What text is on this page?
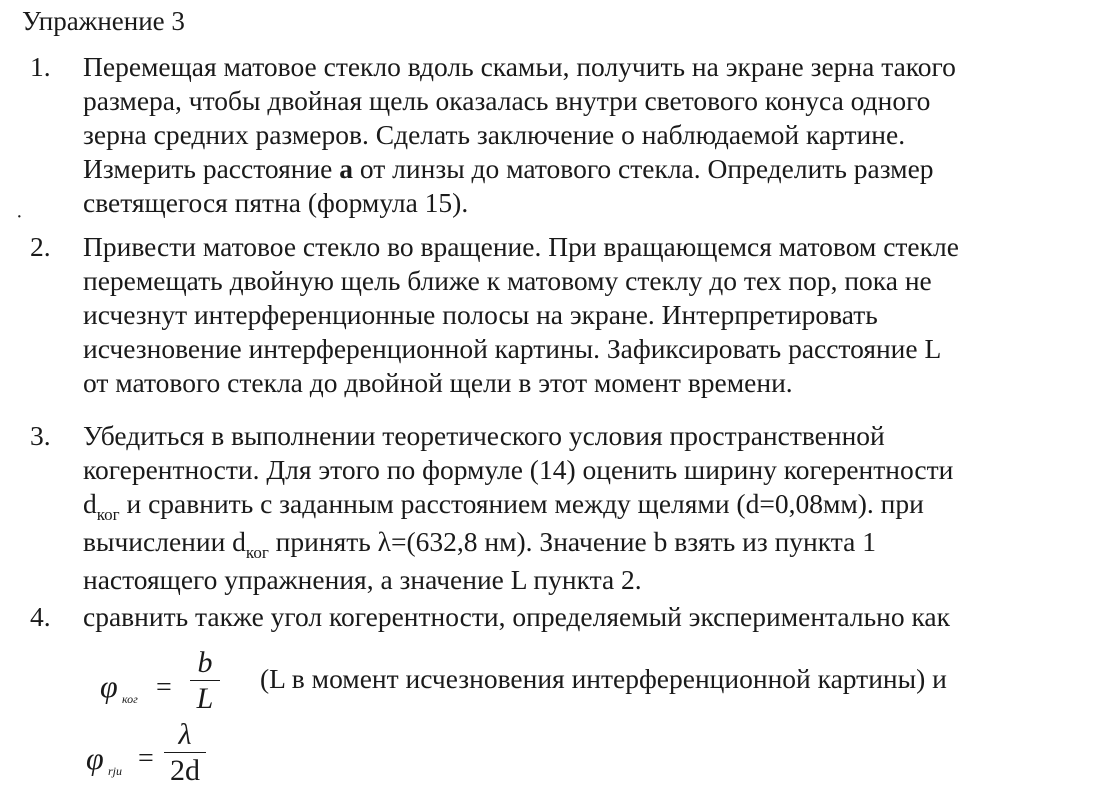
Упражнение 3
1.	Перемещая матовое стекло вдоль скамьи, получить на экране зерна такого
размера, чтобы двойная щель оказалась внутри светового конуса одного
зерна средних размеров. Сделать заключение о наблюдаемой картине.
Измерить расстояние а от линзы до матового стекла. Определить размер
светящегося пятна (формула 15).
·
2.	Привести матовое стекло во вращение. При вращающемся матовом стекле
перемещать двойную щель ближе к матовому стеклу до тех пор, пока не
исчезнут интерференционные полосы на экране. Интерпретировать
исчезновение интерференционной картины. Зафиксировать расстояние L
от матового стекла до двойной щели в этот момент времени.
3.	Убедиться в выполнении теоретического условия пространственной
когерентности. Для этого по формуле (14) оценить ширину когерентности
$d_{ког}$ и сравнить с заданным расстоянием между щелями (d=0,08мм). при
вычислении $d_{ког}$ принять λ=(632,8 нм). Значение b взять из пункта 1
настоящего упражнения, а значение L пункта 2.
4.	сравнить также угол когерентности, определяемый экспериментально как
φ ког =
b
L
(L в момент исчезновения интерференционной картины) и
φ rjи =
λ
2d
